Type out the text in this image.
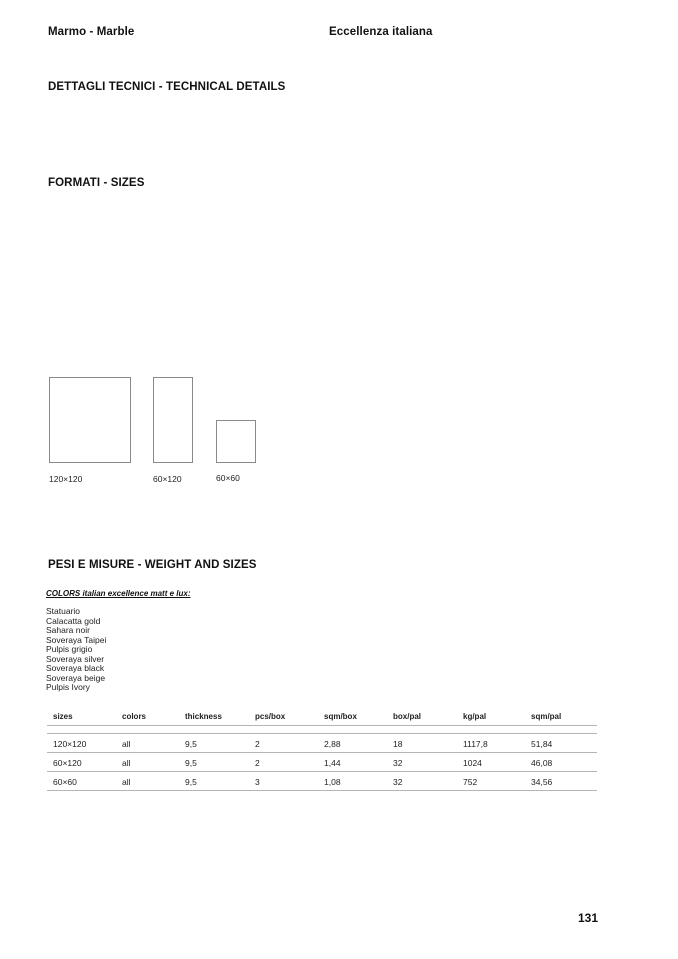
Marmo - Marble	Eccellenza italiana
DETTAGLI TECNICI - TECHNICAL DETAILS
FORMATI - SIZES
120×120	60×120	60×60
PESI E MISURE - WEIGHT AND SIZES
COLORS italian excellence matt e lux:
Statuario
Calacatta gold
Sahara noir
Soveraya Taipei
Pulpis grigio
Soveraya silver
Soveraya black
Soveraya beige
Pulpis Ivory
sizes	colors	thickness	pcs/box	sqm/box	box/pal	kg/pal	sqm/pal

120×120	all	9,5	2	2,88	18	1117,8	51,84
60×120	all	9,5	2	1,44	32	1024	46,08
60×60	all	9,5	3	1,08	32	752	34,56
131
